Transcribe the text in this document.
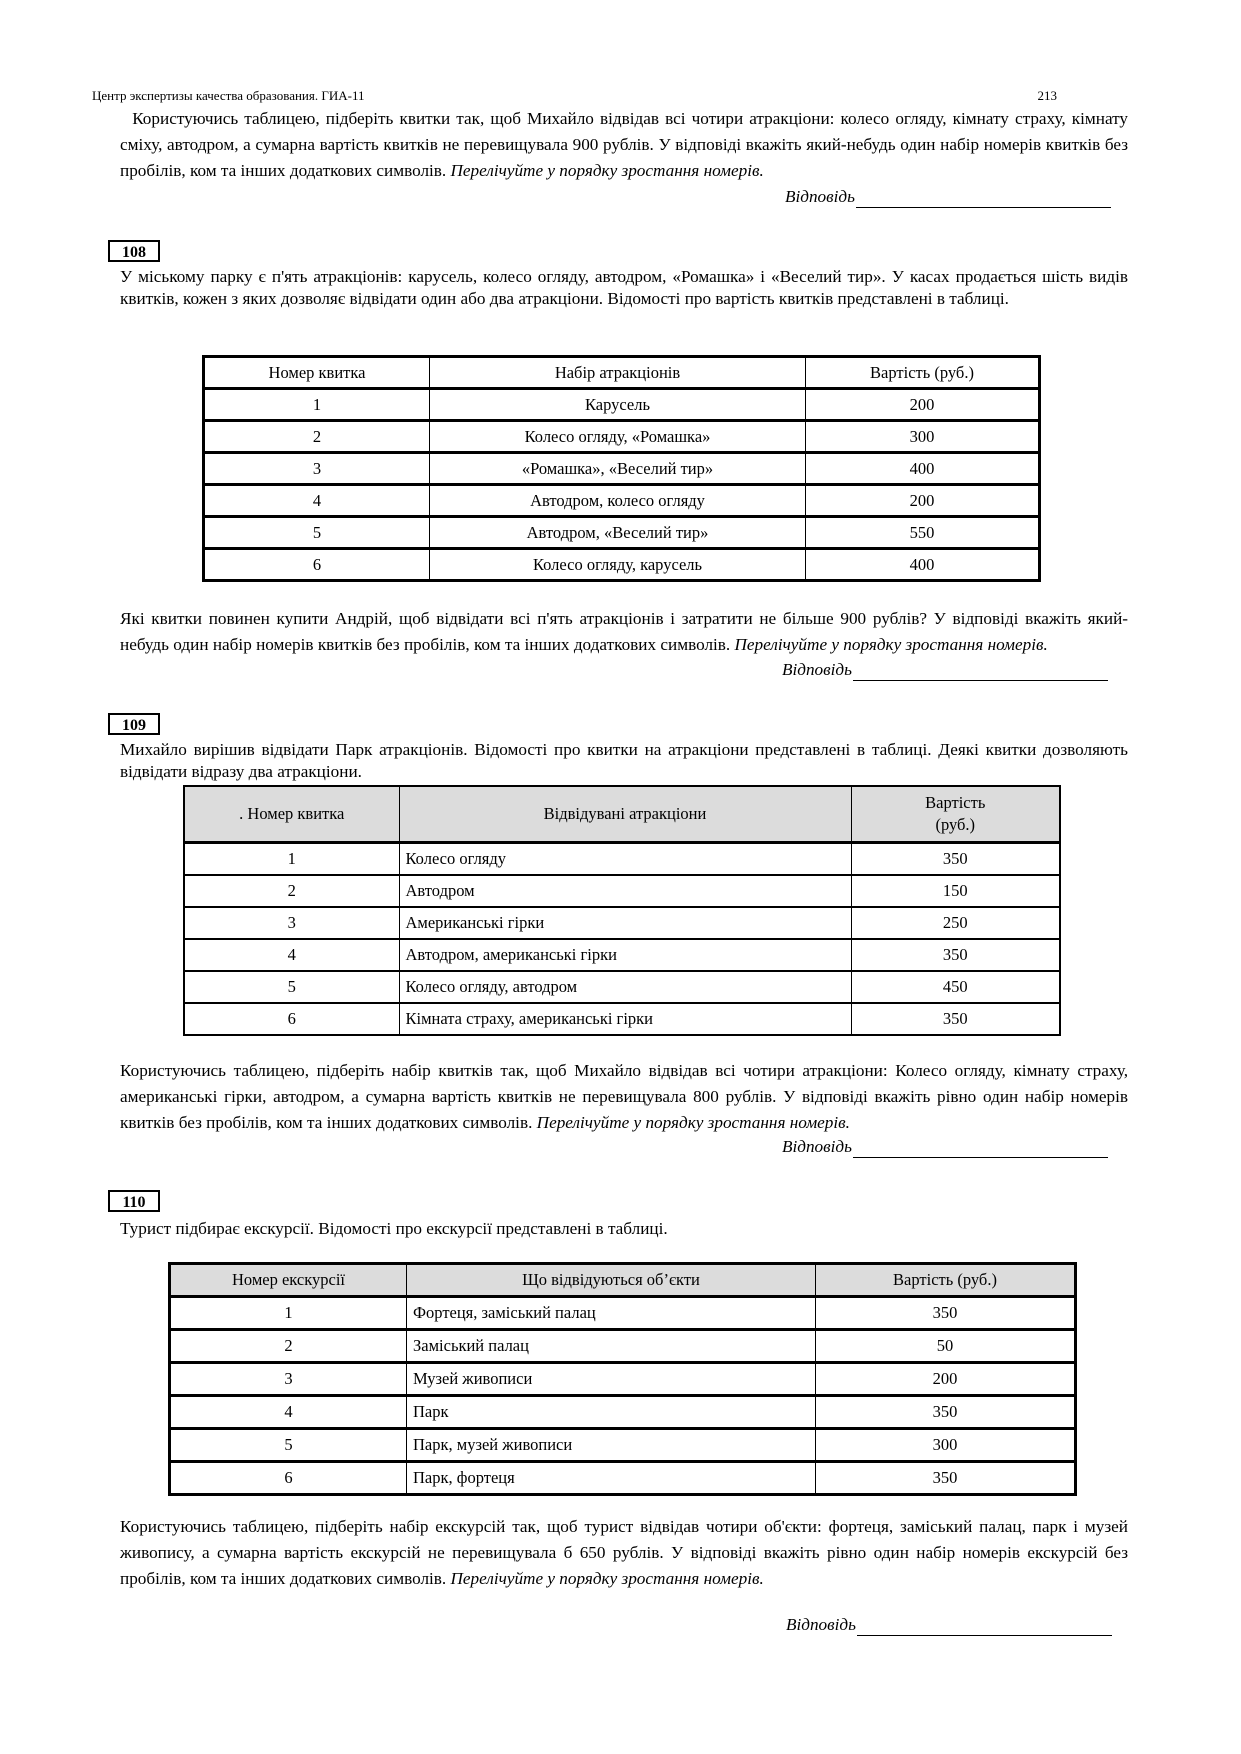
Центр экспертизы качества образования. ГИА-11	213
Користуючись таблицею, підберіть квитки так, щоб Михайло відвідав всі чотири атракціони: колесо огляду, кімнату страху, кімнату сміху, автодром, а сумарна вартість квитків не перевищувала 900 рублів. У відповіді вкажіть який-небудь один набір номерів квитків без пробілів, ком та інших додаткових символів. Перелічуйте у порядку зростання номерів.
Відповідь
108
У міському парку є п'ять атракціонів: карусель, колесо огляду, автодром, «Ромашка» і «Веселий тир». У касах продається шість видів квитків, кожен з яких дозволяє відвідати один або два атракціони. Відомості про вартість квитків представлені в таблиці.
Номер квитка	Набір атракціонів	Вартість (руб.)
1	Карусель	200
2	Колесо огляду, «Ромашка»	300
3	«Ромашка», «Веселий тир»	400
4	Автодром, колесо огляду	200
5	Автодром, «Веселий тир»	550
6	Колесо огляду, карусель	400
Які квитки повинен купити Андрій, щоб відвідати всі п'ять атракціонів і затратити не більше 900 рублів? У відповіді вкажіть який-небудь один набір номерів квитків без пробілів, ком та інших додаткових символів. Перелічуйте у порядку зростання номерів.
Відповідь
109
Михайло вирішив відвідати Парк атракціонів. Відомості про квитки на атракціони представлені в таблиці. Деякі квитки дозволяють відвідати відразу два атракціони.
. Номер квитка	Відвідувані атракціони	Вартість (руб.)
1	Колесо огляду	350
2	Автодром	150
3	Американські гірки	250
4	Автодром, американські гірки	350
5	Колесо огляду, автодром	450
6	Кімната страху, американські гірки	350
Користуючись таблицею, підберіть набір квитків так, щоб Михайло відвідав всі чотири атракціони: Колесо огляду, кімнату страху, американські гірки, автодром, а сумарна вартість квитків не перевищувала 800 рублів. У відповіді вкажіть рівно один набір номерів квитків без пробілів, ком та інших додаткових символів. Перелічуйте у порядку зростання номерів.
Відповідь
110
Турист підбирає екскурсії. Відомості про екскурсії представлені в таблиці.
Номер екскурсії	Що відвідуються об’єкти	Вартість (руб.)
1	Фортеця, заміський палац	350
2	Заміський палац	50
3	Музей живописи	200
4	Парк	350
5	Парк, музей живописи	300
6	Парк, фортеця	350
Користуючись таблицею, підберіть набір екскурсій так, щоб турист відвідав чотири об'єкти: фортеця, заміський палац, парк і музей живопису, а сумарна вартість екскурсій не перевищувала б 650 рублів. У відповіді вкажіть рівно один набір номерів екскурсій без пробілів, ком та інших додаткових символів. Перелічуйте у порядку зростання номерів.
Відповідь
